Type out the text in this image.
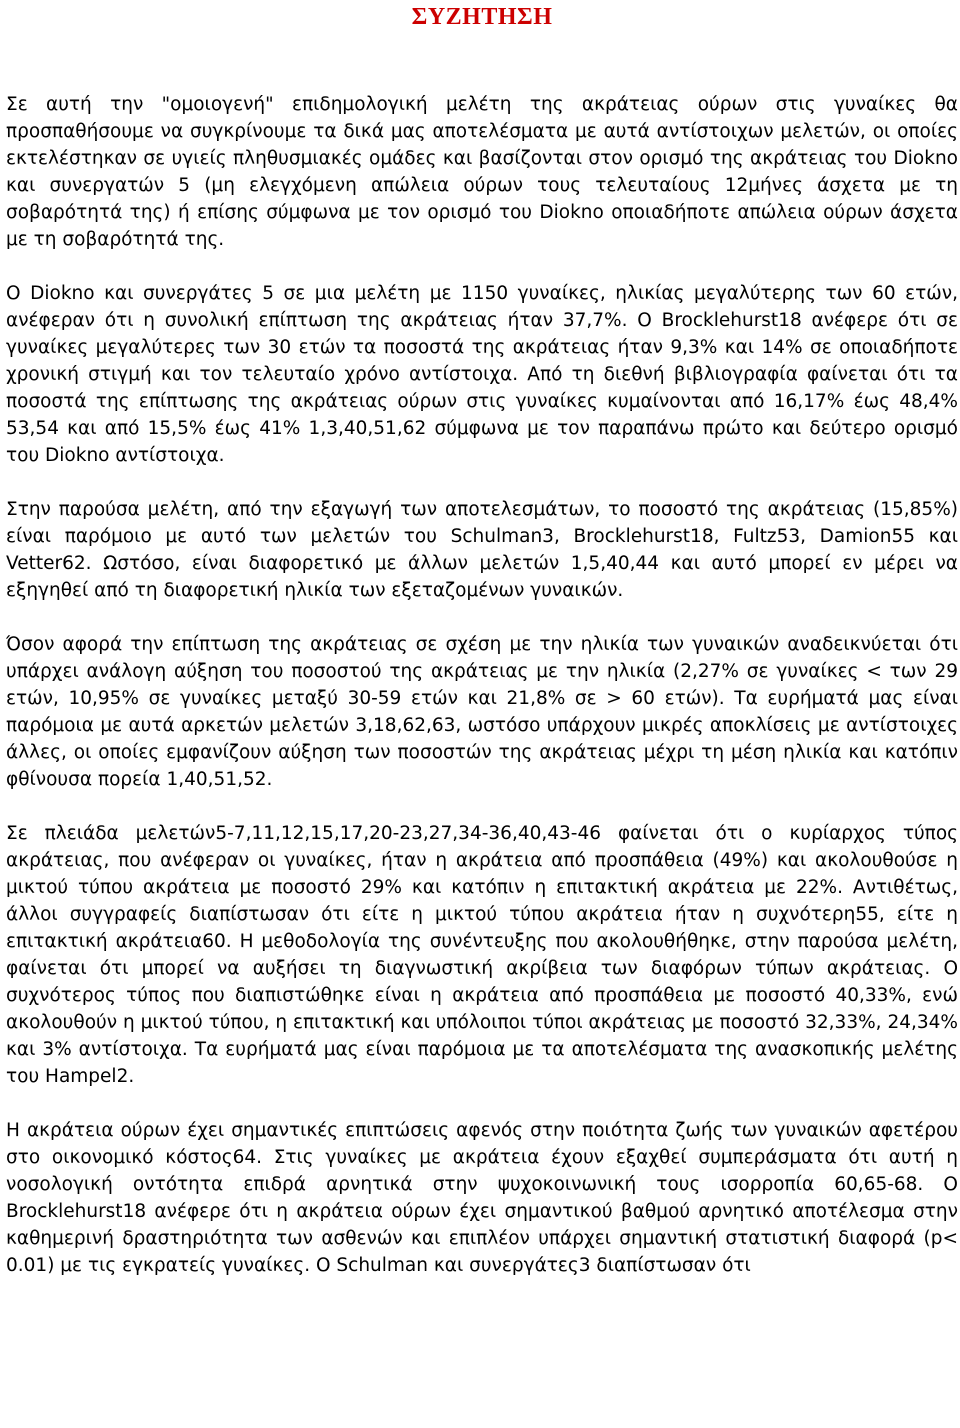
ΣΥΖΗΤΗΣΗ

Σε αυτή την "ομοιογενή" επιδημολογική μελέτη της ακράτειας ούρων στις γυναίκες θα προσπαθήσουμε να συγκρίνουμε τα δικά μας αποτελέσματα με αυτά αντίστοιχων μελετών, οι οποίες εκτελέστηκαν σε υγιείς πληθυσμιακές ομάδες και βασίζονται στον ορισμό της ακράτειας του Diokno και συνεργατών 5 (μη ελεγχόμενη απώλεια ούρων τους τελευταίους 12μήνες άσχετα με τη σοβαρότητά της) ή επίσης σύμφωνα με τον ορισμό του Diokno οποιαδήποτε απώλεια ούρων άσχετα με τη σοβαρότητά της.

Ο Diokno και συνεργάτες 5 σε μια μελέτη με 1150 γυναίκες, ηλικίας μεγαλύτερης των 60 ετών, ανέφεραν ότι η συνολική επίπτωση της ακράτειας ήταν 37,7%. Ο Brocklehurst18 ανέφερε ότι σε γυναίκες μεγαλύτερες των 30 ετών τα ποσοστά της ακράτειας ήταν 9,3% και 14% σε οποιαδήποτε χρονική στιγμή και τον τελευταίο χρόνο αντίστοιχα. Από τη διεθνή βιβλιογραφία φαίνεται ότι τα ποσοστά της επίπτωσης της ακράτειας ούρων στις γυναίκες κυμαίνονται από 16,17% έως 48,4% 53,54 και από 15,5% έως 41% 1,3,40,51,62 σύμφωνα με τον παραπάνω πρώτο και δεύτερο ορισμό του Diokno αντίστοιχα.

Στην παρούσα μελέτη, από την εξαγωγή των αποτελεσμάτων, το ποσοστό της ακράτειας (15,85%) είναι παρόμοιο με αυτό των μελετών του Schulman3, Brocklehurst18, Fultz53, Damion55 και Vetter62. Ωστόσο, είναι διαφορετικό με άλλων μελετών 1,5,40,44 και αυτό μπορεί εν μέρει να εξηγηθεί από τη διαφορετική ηλικία των εξεταζομένων γυναικών.

Όσον αφορά την επίπτωση της ακράτειας σε σχέση με την ηλικία των γυναικών αναδεικνύεται ότι υπάρχει ανάλογη αύξηση του ποσοστού της ακράτειας με την ηλικία (2,27% σε γυναίκες < των 29 ετών, 10,95% σε γυναίκες μεταξύ 30-59 ετών και 21,8% σε > 60 ετών). Τα ευρήματά μας είναι παρόμοια με αυτά αρκετών μελετών 3,18,62,63, ωστόσο υπάρχουν μικρές αποκλίσεις με αντίστοιχες άλλες, οι οποίες εμφανίζουν αύξηση των ποσοστών της ακράτειας μέχρι τη μέση ηλικία και κατόπιν φθίνουσα πορεία 1,40,51,52.

Σε πλειάδα μελετών5-7,11,12,15,17,20-23,27,34-36,40,43-46 φαίνεται ότι ο κυρίαρχος τύπος ακράτειας, που ανέφεραν οι γυναίκες, ήταν η ακράτεια από προσπάθεια (49%) και ακολουθούσε η μικτού τύπου ακράτεια με ποσοστό 29% και κατόπιν η επιτακτική ακράτεια με 22%. Αντιθέτως, άλλοι συγγραφείς διαπίστωσαν ότι είτε η μικτού τύπου ακράτεια ήταν η συχνότερη55, είτε η επιτακτική ακράτεια60. Η μεθοδολογία της συνέντευξης που ακολουθήθηκε, στην παρούσα μελέτη, φαίνεται ότι μπορεί να αυξήσει τη διαγνωστική ακρίβεια των διαφόρων τύπων ακράτειας. Ο συχνότερος τύπος που διαπιστώθηκε είναι η ακράτεια από προσπάθεια με ποσοστό 40,33%, ενώ ακολουθούν η μικτού τύπου, η επιτακτική και υπόλοιποι τύποι ακράτειας με ποσοστό 32,33%, 24,34% και 3% αντίστοιχα. Τα ευρήματά μας είναι παρόμοια με τα αποτελέσματα της ανασκοπικής μελέτης του Hampel2.

Η ακράτεια ούρων έχει σημαντικές επιπτώσεις αφενός στην ποιότητα ζωής των γυναικών αφετέρου στο οικονομικό κόστος64. Στις γυναίκες με ακράτεια έχουν εξαχθεί συμπεράσματα ότι αυτή η νοσολογική οντότητα επιδρά αρνητικά στην ψυχοκοινωνική τους ισορροπία 60,65-68. Ο Brocklehurst18 ανέφερε ότι η ακράτεια ούρων έχει σημαντικού βαθμού αρνητικό αποτέλεσμα στην καθημερινή δραστηριότητα των ασθενών και επιπλέον υπάρχει σημαντική στατιστική διαφορά (p< 0.01) με τις εγκρατείς γυναίκες. Ο Schulman και συνεργάτες3 διαπίστωσαν ότι
